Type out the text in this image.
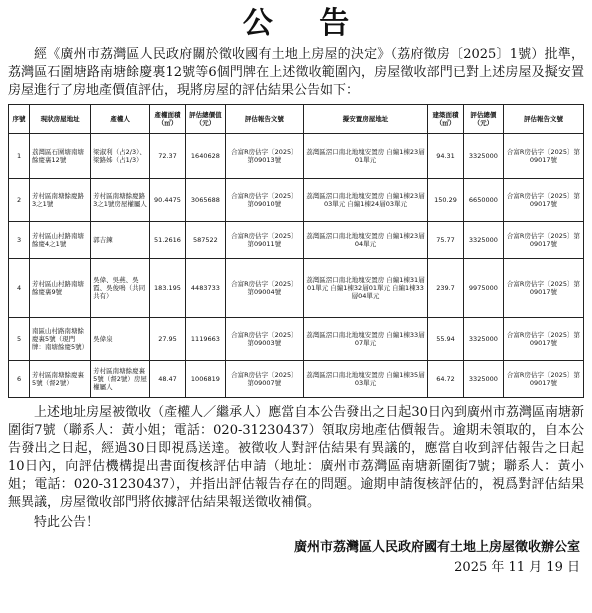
公 告

經《廣州市荔灣區人民政府關於徵收國有土地上房屋的決定》（荔府徵房〔2025〕1號）批準，荔灣區石圍塘路南塘餘慶裏12號等6個門牌在上述徵收範圍內，房屋徵收部門已對上述房屋及擬安置房屋進行了房地產價值評估，現將房屋的評估結果公告如下：

序號	現狀房屋地址	產權人	產權面積（㎡）	評估總價值（元）	評估報告文號	擬安置房屋地址	建築面積（㎡）	評估總價（元）	評估報告文號
1	荔灣區石圍塘南塘餘慶裏12號	梁淑利（占2/3）、梁路姊（占1/3）	72.37	1640628	合富R房估字〔2025〕第09013號	荔灣區滘口南北地塊安置房 自編1棟23層01單元	94.31	3325000	合富R房估字〔2025〕第09017號
2	芳村區南塘餘慶路3之1號	芳村區南塘餘慶路3之1號房屋權屬人	90.4475	3065688	合富R房估字〔2025〕第09010號	荔灣區滘口南北地塊安置房 自編1棟23層03單元 自編1棟24層03單元	150.29	6650000	合富R房估字〔2025〕第09017號
3	芳村區山村路南塘餘慶4之1號	郭吉鍊	51.2616	587522	合富R房估字〔2025〕第09011號	荔灣區滘口南北地塊安置房 自編1棟23層04單元	75.77	3325000	合富R房估字〔2025〕第09017號
4	芳村區山村路南塘餘慶裏9號	吳偉、吳燕、吳霞、吳俊鳴（共同共有）	183.195	4483733	合富R房估字〔2025〕第09004號	荔灣區滘口南北地塊安置房 自編1棟31層01單元 自編1棟32層01單元 自編1棟33層04單元	239.7	9975000	合富R房估字〔2025〕第09017號
5	南區山村路南塘餘慶裏5號（現門牌：南塘餘慶5號）	吳偉泉	27.95	1119663	合富R房估字〔2025〕第09003號	荔灣區滘口南北地塊安置房 自編1棟33層07單元	55.94	3325000	合富R房估字〔2025〕第09017號
6	芳村區南塘餘慶裏5號（督2號）	芳村區南塘餘慶裏5號（督2號）房屋權屬人	48.47	1006819	合富R房估字〔2025〕第09007號	荔灣區滘口南北地塊安置房 自編1棟35層03單元	64.72	3325000	合富R房估字〔2025〕第09017號

上述地址房屋被徵收（產權人／繼承人）應當自本公告發出之日起30日內到廣州市荔灣區南塘新圍街7號（聯系人：黃小姐；電話：020-31230437）領取房地產估價報告。逾期未領取的，自本公告發出之日起，經過30日即視爲送達。被徵收人對評估結果有異議的，應當自收到評估報告之日起10日內，向評估機構提出書面復核評估申請（地址：廣州市荔灣區南塘新圍街7號；聯系人：黃小姐；電話：020-31230437），并指出評估報告存在的問題。逾期申請復核評估的，視爲對評估結果無異議，房屋徵收部門將依據評估結果報送徵收補償。

特此公告！

廣州市荔灣區人民政府國有土地上房屋徵收辦公室
2025 年 11 月 19 日
